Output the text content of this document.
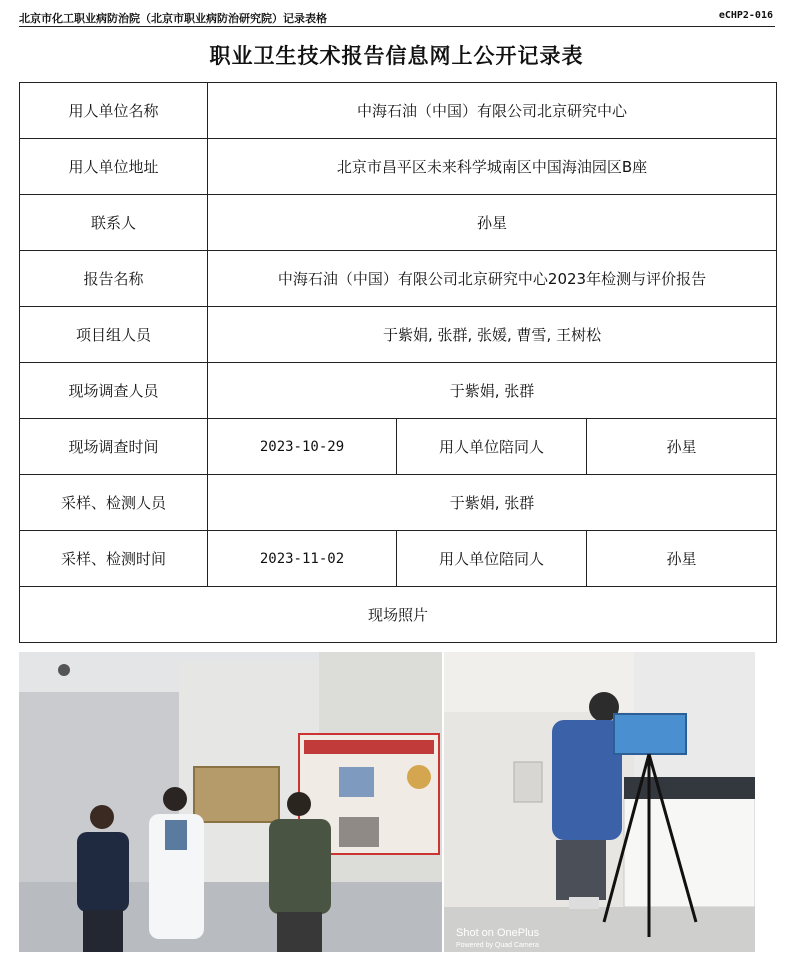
北京市化工职业病防治院（北京市职业病防治研究院）记录表格	eCHP2-016
职业卫生技术报告信息网上公开记录表
用人单位名称	中海石油（中国）有限公司北京研究中心		
用人单位地址	北京市昌平区未来科学城南区中国海油园区B座		
联系人	孙星		
报告名称	中海石油（中国）有限公司北京研究中心2023年检测与评价报告		
项目组人员	于紫娟, 张群, 张媛, 曹雪, 王树松		
现场调查人员	于紫娟, 张群		
现场调查时间	2023-10-29	用人单位陪同人	孙星
采样、检测人员	于紫娟, 张群		
采样、检测时间	2023-11-02	用人单位陪同人	孙星
现场照片			
Shot on OnePlus
Powered by Quad Camera
